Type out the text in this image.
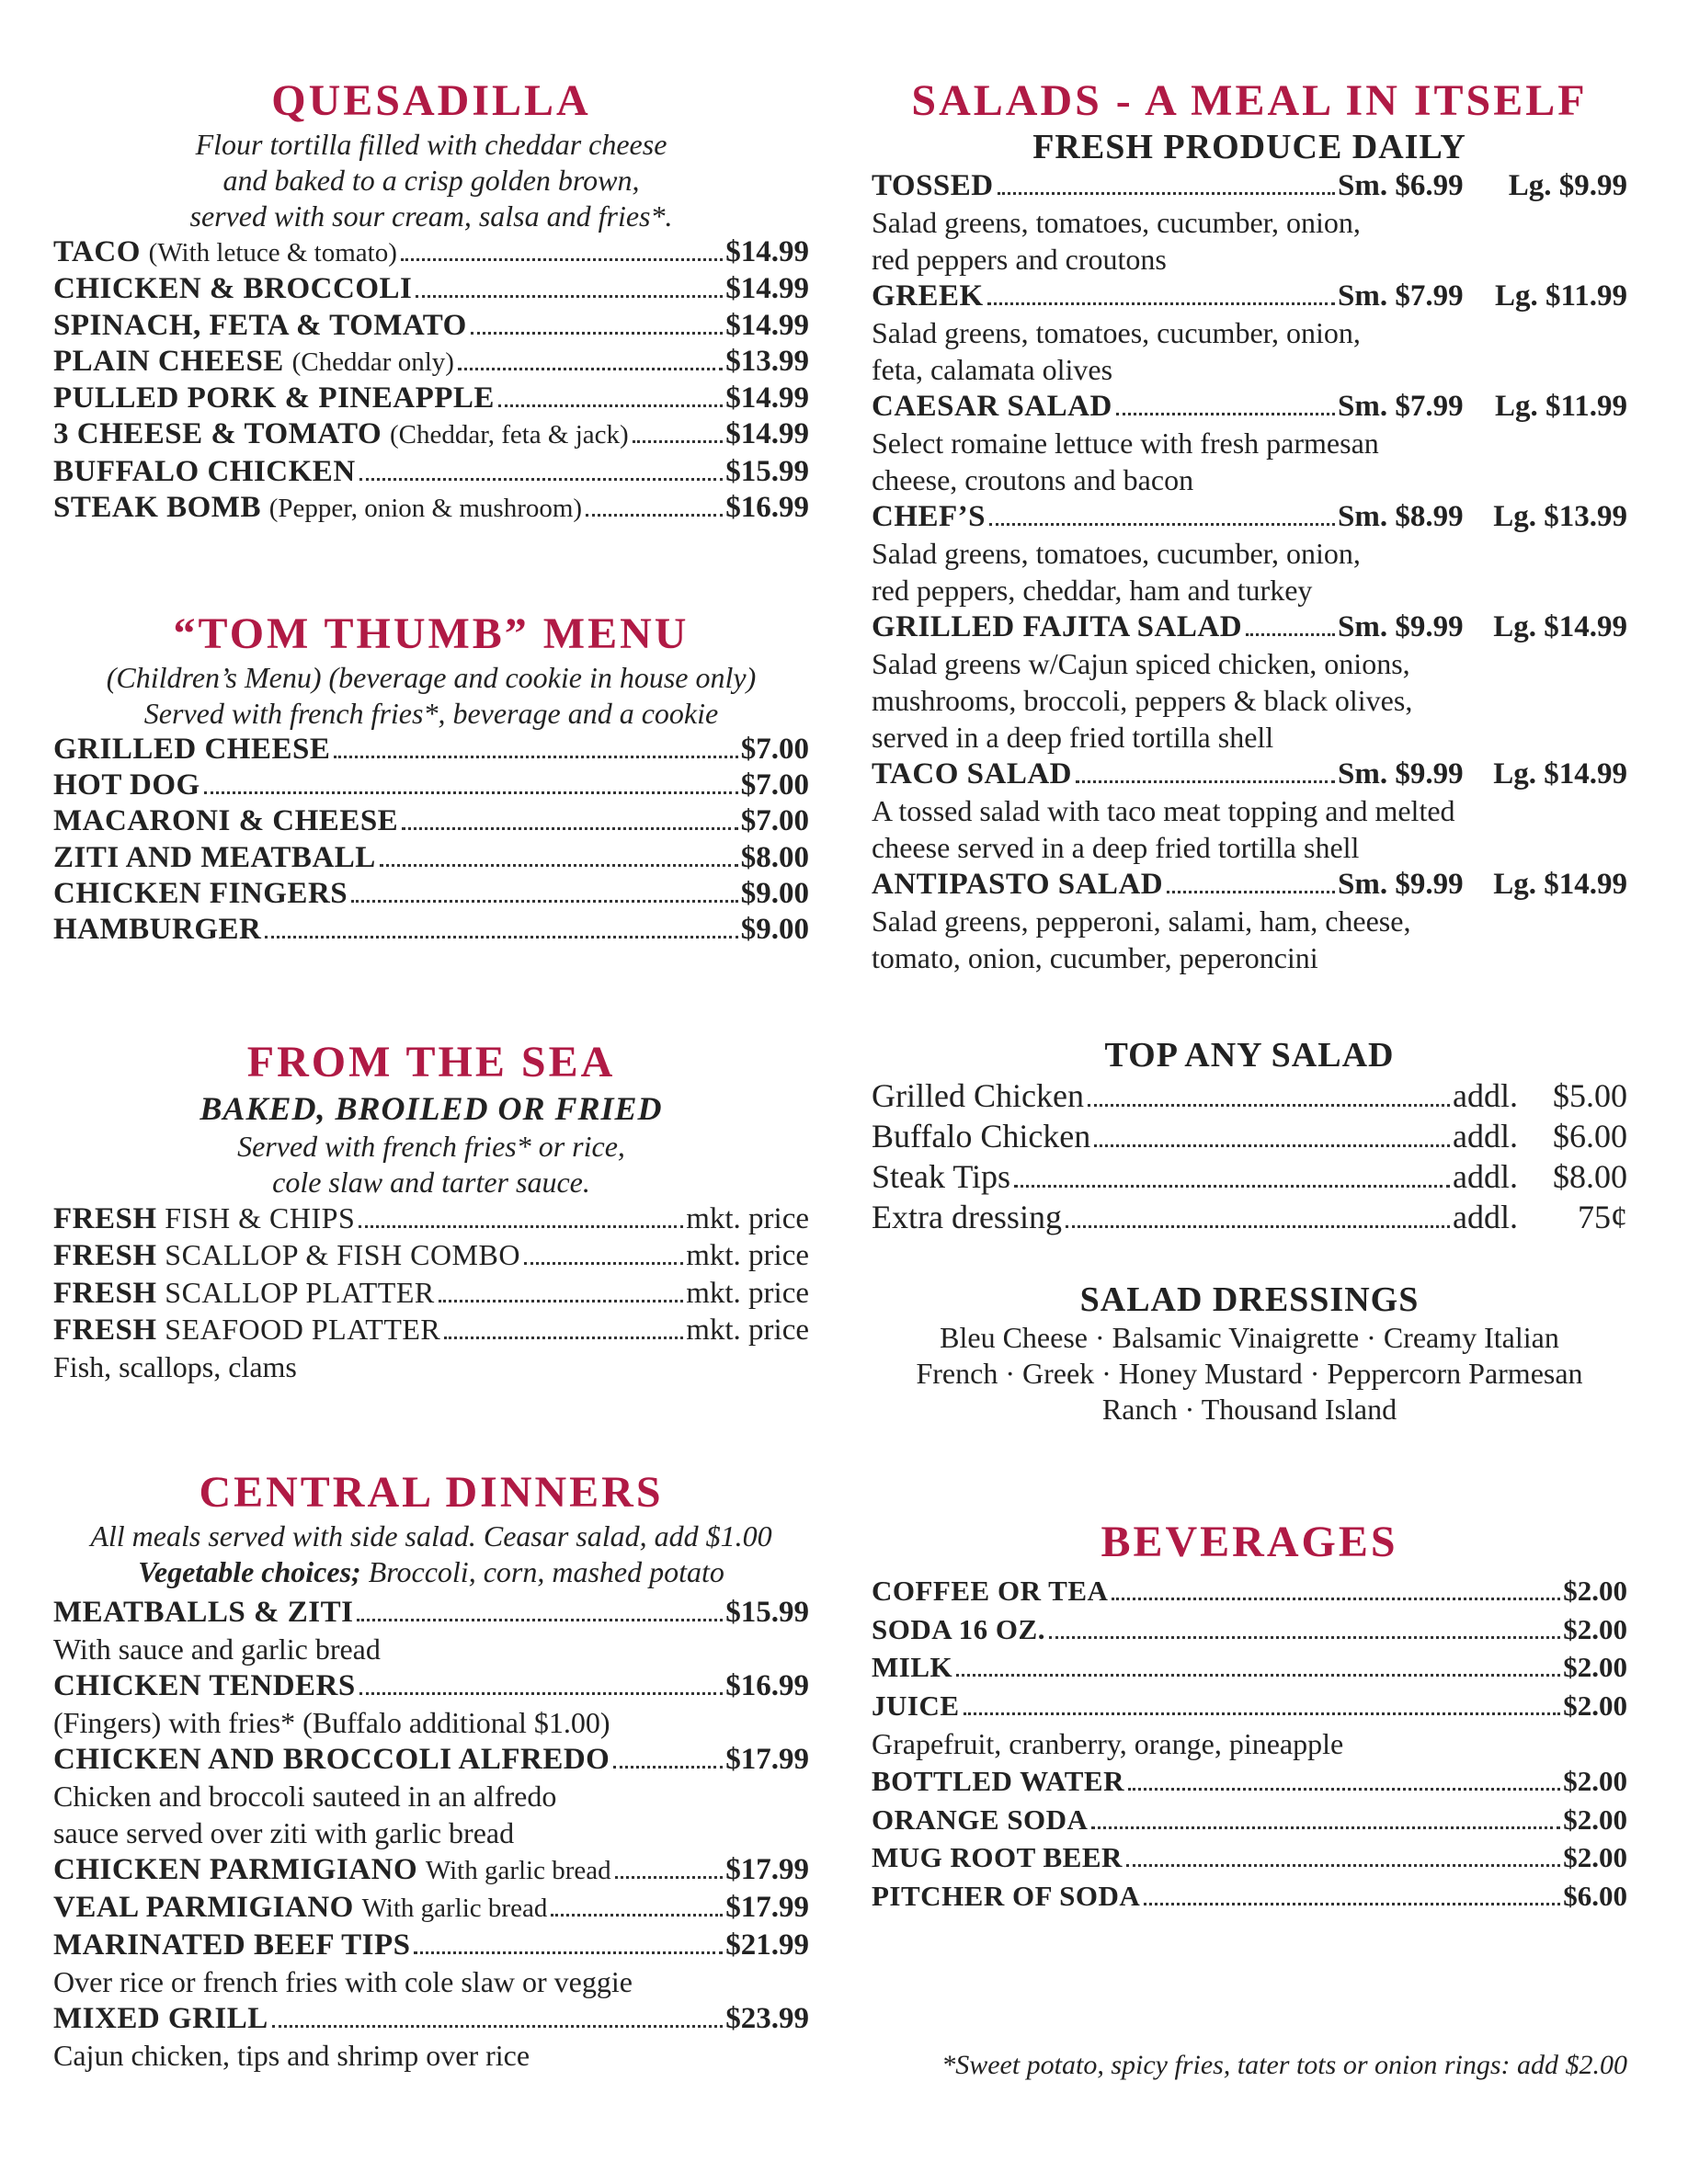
QUESADILLA
Flour tortilla filled with cheddar cheese
and baked to a crisp golden brown,
served with sour cream, salsa and fries*.
TACO (With letuce & tomato)	$14.99
CHICKEN & BROCCOLI	$14.99
SPINACH, FETA & TOMATO	$14.99
PLAIN CHEESE (Cheddar only)	$13.99
PULLED PORK & PINEAPPLE	$14.99
3 CHEESE & TOMATO (Cheddar, feta & jack)	$14.99
BUFFALO CHICKEN	$15.99
STEAK BOMB (Pepper, onion & mushroom)	$16.99
“TOM THUMB” MENU
(Children’s Menu) (beverage and cookie in house only)
Served with french fries*, beverage and a cookie
GRILLED CHEESE	$7.00
HOT DOG	$7.00
MACARONI & CHEESE	$7.00
ZITI AND MEATBALL	$8.00
CHICKEN FINGERS	$9.00
HAMBURGER	$9.00
FROM THE SEA
BAKED, BROILED OR FRIED
Served with french fries* or rice,
cole slaw and tarter sauce.
FRESH FISH & CHIPS	mkt. price
FRESH SCALLOP & FISH COMBO	mkt. price
FRESH SCALLOP PLATTER	mkt. price
FRESH SEAFOOD PLATTER	mkt. price
Fish, scallops, clams
CENTRAL DINNERS
All meals served with side salad. Ceasar salad, add $1.00
Vegetable choices; Broccoli, corn, mashed potato
MEATBALLS & ZITI	$15.99
With sauce and garlic bread
CHICKEN TENDERS	$16.99
(Fingers) with fries* (Buffalo additional $1.00)
CHICKEN AND BROCCOLI ALFREDO	$17.99
Chicken and broccoli sauteed in an alfredo
sauce served over ziti with garlic bread
CHICKEN PARMIGIANO With garlic bread	$17.99
VEAL PARMIGIANO With garlic bread	$17.99
MARINATED BEEF TIPS	$21.99
Over rice or french fries with cole slaw or veggie
MIXED GRILL	$23.99
Cajun chicken, tips and shrimp over rice
SALADS - A MEAL IN ITSELF
FRESH PRODUCE DAILY
TOSSED	Sm. $6.99 Lg. $9.99
Salad greens, tomatoes, cucumber, onion,
red peppers and croutons
GREEK	Sm. $7.99 Lg. $11.99
Salad greens, tomatoes, cucumber, onion,
feta, calamata olives
CAESAR SALAD	Sm. $7.99 Lg. $11.99
Select romaine lettuce with fresh parmesan
cheese, croutons and bacon
CHEF’S	Sm. $8.99 Lg. $13.99
Salad greens, tomatoes, cucumber, onion,
red peppers, cheddar, ham and turkey
GRILLED FAJITA SALAD	Sm. $9.99 Lg. $14.99
Salad greens w/Cajun spiced chicken, onions,
mushrooms, broccoli, peppers & black olives,
served in a deep fried tortilla shell
TACO SALAD	Sm. $9.99 Lg. $14.99
A tossed salad with taco meat topping and melted
cheese served in a deep fried tortilla shell
ANTIPASTO SALAD	Sm. $9.99 Lg. $14.99
Salad greens, pepperoni, salami, ham, cheese,
tomato, onion, cucumber, peperoncini
TOP ANY SALAD
Grilled Chicken	addl. $5.00
Buffalo Chicken	addl. $6.00
Steak Tips	addl. $8.00
Extra dressing	addl. 75¢
SALAD DRESSINGS
Bleu Cheese · Balsamic Vinaigrette · Creamy Italian
French · Greek · Honey Mustard · Peppercorn Parmesan
Ranch · Thousand Island
BEVERAGES
COFFEE OR TEA	$2.00
SODA 16 OZ.	$2.00
MILK	$2.00
JUICE	$2.00
Grapefruit, cranberry, orange, pineapple
BOTTLED WATER	$2.00
ORANGE SODA	$2.00
MUG ROOT BEER	$2.00
PITCHER OF SODA	$6.00
*Sweet potato, spicy fries, tater tots or onion rings: add $2.00
